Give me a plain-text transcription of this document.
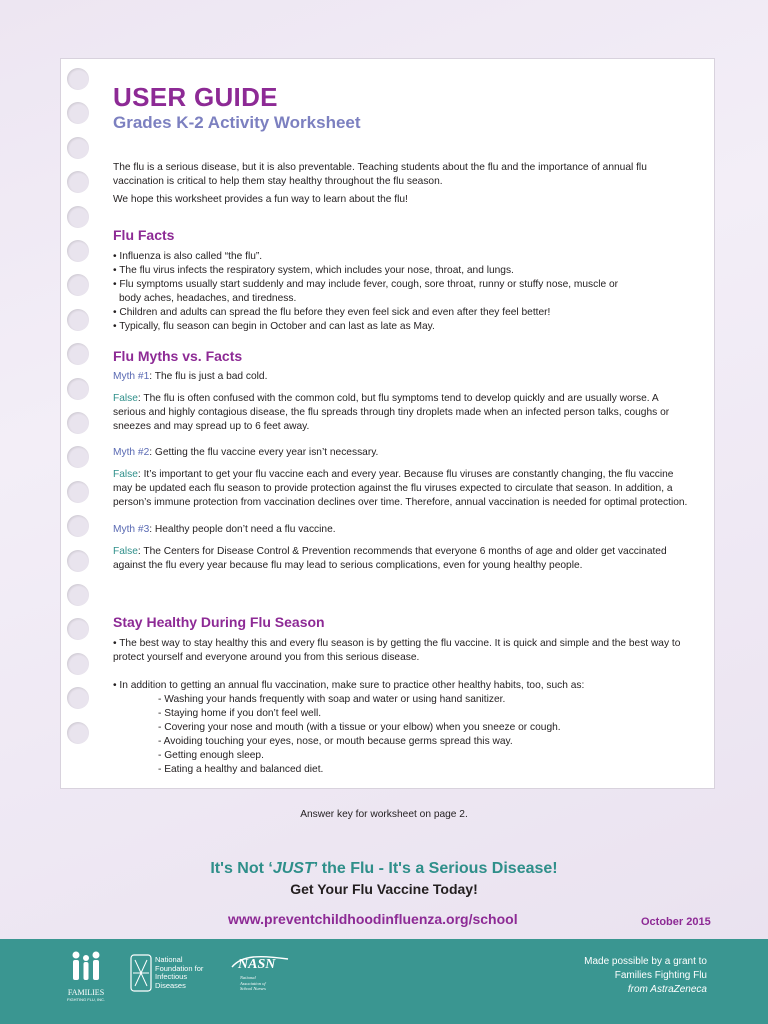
USER GUIDE
Grades K-2 Activity Worksheet

The flu is a serious disease, but it is also preventable. Teaching students about the flu and the importance of annual flu vaccination is critical to help them stay healthy throughout the flu season.

We hope this worksheet provides a fun way to learn about the flu!

Flu Facts

• Influenza is also called “the flu”.

• The flu virus infects the respiratory system, which includes your nose, throat, and lungs.

• Flu symptoms usually start suddenly and may include fever, cough, sore throat, runny or stuffy nose, muscle or

body aches, headaches, and tiredness.

• Children and adults can spread the flu before they even feel sick and even after they feel better!

• Typically, flu season can begin in October and can last as late as May.

Flu Myths vs. Facts

Myth #1: The flu is just a bad cold.

False: The flu is often confused with the common cold, but flu symptoms tend to develop quickly and are usually worse. A serious and highly contagious disease, the flu spreads through tiny droplets made when an infected person talks, coughs or sneezes and may spread up to 6 feet away.

Myth #2: Getting the flu vaccine every year isn’t necessary.

False: It’s important to get your flu vaccine each and every year. Because flu viruses are constantly changing, the flu vaccine may be updated each flu season to provide protection against the flu viruses expected to circulate that season. In addition, a person’s immune protection from vaccination declines over time. Therefore, annual vaccination is needed for optimal protection.

Myth #3: Healthy people don’t need a flu vaccine.

False: The Centers for Disease Control & Prevention recommends that everyone 6 months of age and older get vaccinated against the flu every year because flu may lead to serious complications, even for young healthy people.

Stay Healthy During Flu Season

• The best way to stay healthy this and every flu season is by getting the flu vaccine. It is quick and simple and the best way to protect yourself and everyone around you from this serious disease.

• In addition to getting an annual flu vaccination, make sure to practice other healthy habits, too, such as:

- Washing your hands frequently with soap and water or using hand sanitizer.

- Staying home if you don’t feel well.

- Covering your nose and mouth (with a tissue or your elbow) when you sneeze or cough.

- Avoiding touching your eyes, nose, or mouth because germs spread this way.

- Getting enough sleep.

- Eating a healthy and balanced diet.

Answer key for worksheet on page 2.
It's Not ‘JUST’ the Flu - It's a Serious Disease!
Get Your Flu Vaccine Today!
www.preventchildhoodinfluenza.org/school	October 2015
FAMILIES
FIGHTING FLU, INC.
National
Foundation for
Infectious
Diseases
NASN
National
Association of
School Nurses
Made possible by a grant to
Families Fighting Flu
from AstraZeneca
